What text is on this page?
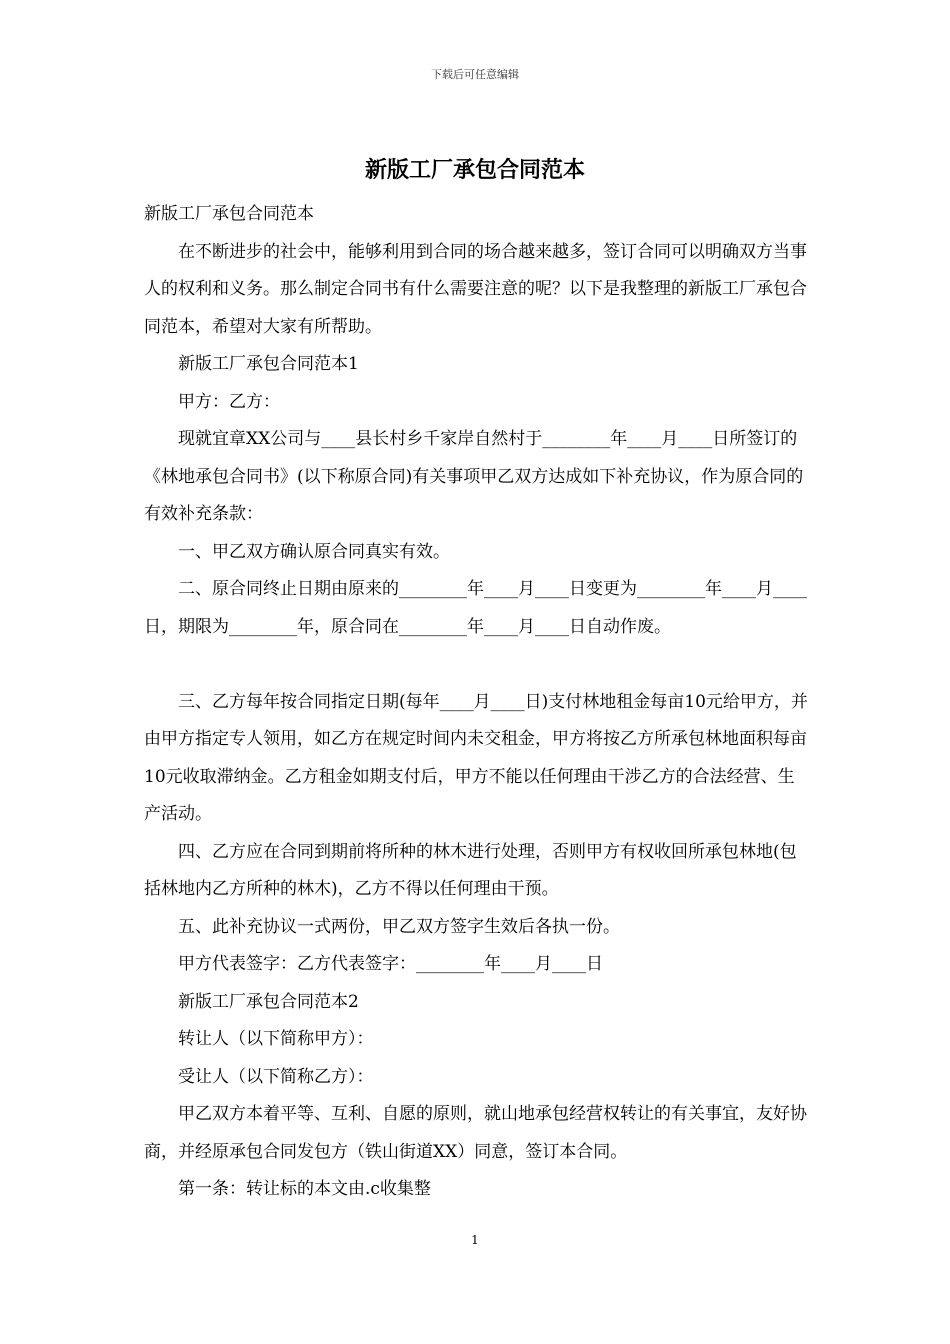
下载后可任意编辑
新版工厂承包合同范本

新版工厂承包合同范本

在不断进步的社会中，能够利用到合同的场合越来越多，签订合同可以明确双方当事人的权利和义务。那么制定合同书有什么需要注意的呢？以下是我整理的新版工厂承包合同范本，希望对大家有所帮助。

新版工厂承包合同范本1

甲方：乙方：

现就宜章XX公司与____县长村乡千家岸自然村于________年____月____日所签订的《林地承包合同书》(以下称原合同)有关事项甲乙双方达成如下补充协议，作为原合同的有效补充条款：

一、甲乙双方确认原合同真实有效。

二、原合同终止日期由原来的________年____月____日变更为________年____月____日，期限为________年，原合同在________年____月____日自动作废。

三、乙方每年按合同指定日期(每年____月____日)支付林地租金每亩10元给甲方，并由甲方指定专人领用，如乙方在规定时间内未交租金，甲方将按乙方所承包林地面积每亩10元收取滞纳金。乙方租金如期支付后，甲方不能以任何理由干涉乙方的合法经营、生产活动。

四、乙方应在合同到期前将所种的林木进行处理，否则甲方有权收回所承包林地(包括林地内乙方所种的林木)，乙方不得以任何理由干预。

五、此补充协议一式两份，甲乙双方签字生效后各执一份。

甲方代表签字：乙方代表签字：________年____月____日

新版工厂承包合同范本2

转让人（以下简称甲方）：

受让人（以下简称乙方）：

甲乙双方本着平等、互利、自愿的原则，就山地承包经营权转让的有关事宜，友好协商，并经原承包合同发包方（铁山街道XX）同意，签订本合同。

第一条：转让标的本文由.c收集整

1
